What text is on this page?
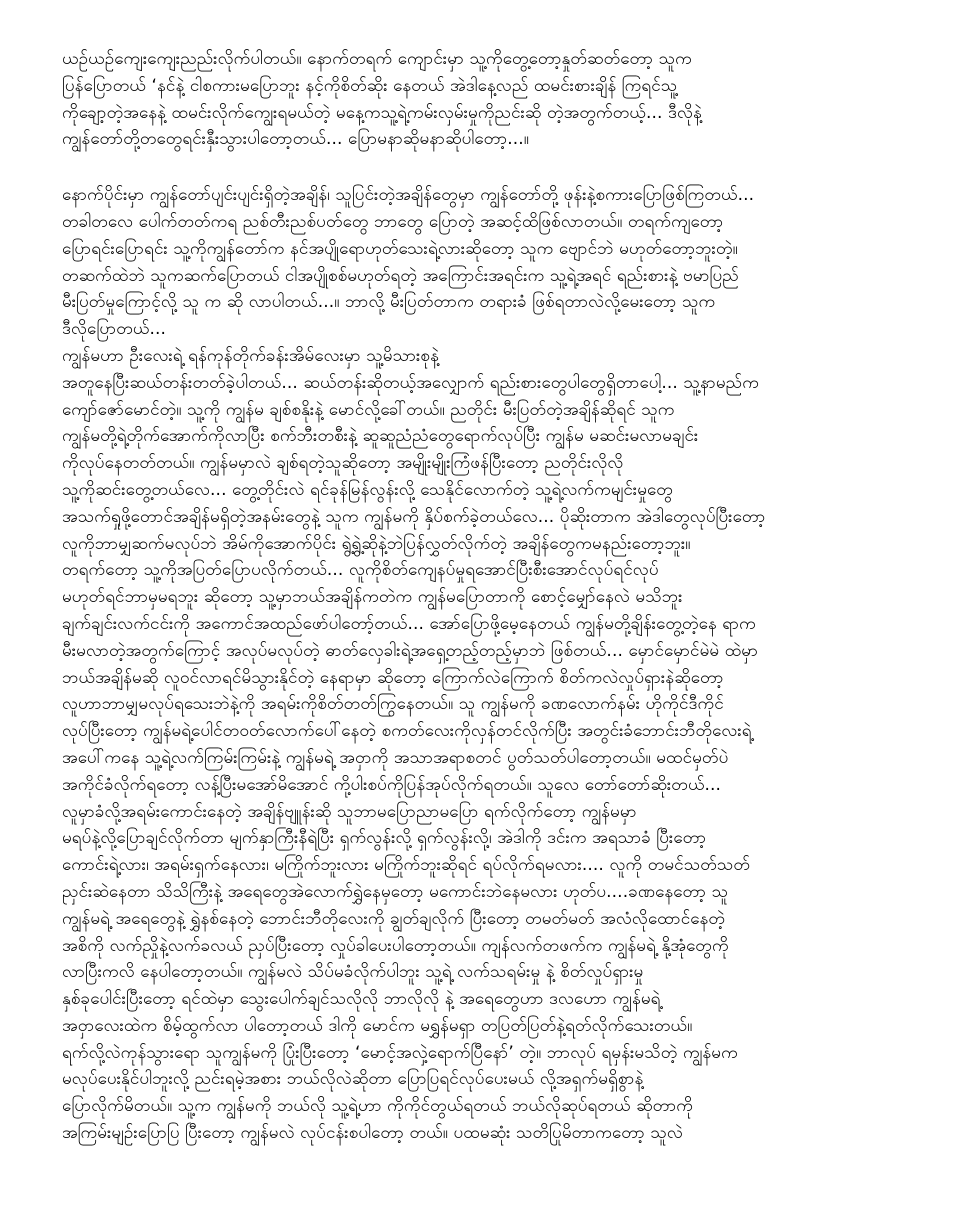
ယဉ်ယဉ်ကျေးကျေးညည်းလိုက်ပါတယ်။ နောက်တရက် ကျောင်းမှာ သူ့ကိုတွေ့တော့နှုတ်ဆတ်တော့ သူက
ပြန်ပြောတယ် ‘နင်နဲ့ ငါစကားမပြောဘူး နင့်ကိုစိတ်ဆိုး နေတယ် အဲဒါနေ့လည် ထမင်းစားချိန် ကြရင်သူ့
ကိုချော့တဲ့အနေနဲ့ ထမင်းလိုက်ကျွေးရမယ်တဲ့ မနေ့ကသူ့ရဲ့ကမ်းလှမ်းမှုကိုညင်းဆို တဲ့အတွက်တယ့်... ဒီလိုနဲ့
ကျွန်တော်တို့တတွေရင်းနှီးသွားပါတော့တယ်... ပြောမနာဆိုမနာဆိုပါတော့...။
နောက်ပိုင်းမှာ ကျွန်တော်ပျင်းပျင်းရှိတဲ့အချိန်၊ သူပြင်းတဲ့အချိန်တွေမှာ ကျွန်တော်တို့ ဖုန်းနဲ့စကားပြောဖြစ်ကြတယ်...
တခါတလေ ပေါက်တတ်ကရ ညစ်တီးညစ်ပတ်တွေ ဘာတွေ ပြောတဲ့ အဆင့်ထိဖြစ်လာတယ်။ တရက်ကျတော့
ပြောရင်းပြောရင်း သူ့ကိုကျွန်တော်က နင်အပျိုရောဟုတ်သေးရဲ့လားဆိုတော့ သူက ဗျောင်ဘဲ မဟုတ်တော့ဘူးတဲ့။
တဆက်ထဲဘဲ သူကဆက်ပြောတယ် ငါအပျိုစစ်မဟုတ်ရတဲ့ အကြောင်းအရင်းက သူ့ရဲ့အရင် ရည်းစားနဲ့ ဗမာပြည်
မီးပြတ်မှုကြောင့်လို့ သူ က ဆို လာပါတယ်...။ ဘာလို့ မီးပြတ်တာက တရားခံ ဖြစ်ရတာလဲလို့မေးတော့ သူက
ဒီလိုပြောတယ်...
ကျွန်မဟာ ဦးလေးရဲ့ ရန်ကုန်တိုက်ခန်းအိမ်လေးမှာ သူ့မိသားစုနဲ့
အတူနေပြီးဆယ်တန်းတတ်ခဲ့ပါတယ်... ဆယ်တန်းဆိုတယ့်အလျှောက် ရည်းစားတွေပါတွေရှိတာပေါ့... သူ့နာမည်က
ကျော်ဇော်မောင်တဲ့။ သူ့ကို ကျွန်မ ချစ်စနိုးနဲ့ မောင်လို့ခေါ်တယ်။ ညတိုင်း မီးပြတ်တဲ့အချိန်ဆိုရင် သူက
ကျွန်မတို့ရဲ့တိုက်အောက်ကိုလာပြီး စက်ဘီးတစီးနဲ့ ဆူဆူညံညံတွေရောက်လုပ်ပြီး ကျွန်မ မဆင်းမလာမချင်း
ကိုလုပ်နေတတ်တယ်။ ကျွန်မမှာလဲ ချစ်ရတဲ့သူဆိုတော့ အမျိုးမျိုးကြံဖန်ပြီးတော့ ညတိုင်းလိုလို
သူ့ကိုဆင်းတွေ့တယ်လေ... တွေ့တိုင်းလဲ ရင်ခုန်မြန်လွန်းလို့ သေနိုင်လောက်တဲ့ သူ့ရဲ့လက်ကမျင်းမှုတွေ
အသက်ရှုဖို့တောင်အချိန်မရှိတဲ့အနမ်းတွေနဲ့ သူက ကျွန်မကို နှိပ်စက်ခဲ့တယ်လေ... ပိုဆိုးတာက အဲဒါတွေလုပ်ပြီးတော့
လူကိုဘာမျှဆက်မလုပ်ဘဲ အိမ်ကိုအောက်ပိုင်း ရွဲ့ရွဲ့ဆိုနဲ့ဘဲပြန်လွှတ်လိုက်တဲ့ အချိန်တွေကမနည်းတော့ဘူး။
တရက်တော့ သူ့ကိုအပြတ်ပြောပလိုက်တယ်... လူကိုစိတ်ကျေနပ်မှုရအောင်ပြီးစီးအောင်လုပ်ရင်လုပ်
မဟုတ်ရင်ဘာမှမရဘူး ဆိုတော့ သူ့မှာဘယ်အချိန်ကတဲက ကျွန်မပြောတာကို စောင့်မျှော်နေလဲ မသိဘူး
ချက်ချင်းလက်ငင်းကို အကောင်အထည်ဖော်ပါတော့်တယ်... အော်ပြောဖို့မေ့နေတယ် ကျွန်မတို့ချိန်းတွေ့တဲ့နေ ရာက
မီးမလာတဲ့အတွက်ကြောင့် အလုပ်မလုပ်တဲ့ ဓာတ်လှေခါးရဲ့အရှေ့တည့်တည့်မှာဘဲ ဖြစ်တယ်... မှောင်မှောင်မဲမဲ ထဲမှာ
ဘယ်အချိန်မဆို လူဝင်လာရင်မိသွားနိုင်တဲ့ နေရာမှာ ဆိုတော့ ကြောက်လဲကြောက် စိတ်ကလဲလှုပ်ရှားနဲဆိုတော့
လူဟာဘာမျှမလုပ်ရသေးဘဲနဲ့ကို အရမ်းကိုစိတ်တတ်ကြွနေတယ်။ သူ ကျွန်မကို ခဏလောက်နမ်း ဟိုကိုင်ဒီကိုင်
လုပ်ပြီးတော့ ကျွန်မရဲ့ပေါင်တဝတ်လောက်ပေါ်နေတဲ့ စကတ်လေးကိုလှန်တင်လိုက်ပြီး အတွင်းခံဘောင်းဘီတိုလေးရဲ့
အပေါ်ကနေ သူ့ရဲ့လက်ကြမ်းကြမ်းနဲ့ ကျွန်မရဲ့ အဝှာကို အသာအရာစတင် ပွတ်သတ်ပါတော့တယ်။ မထင်မှတ်ပဲ
အကိုင်ခံလိုက်ရတော့ လန့်ပြီးမအော်မိအောင် ကို့ပါးစပ်ကိုပြန်အုပ်လိုက်ရတယ်။ သူလေ တော်တော်ဆိုးတယ်...
လူမှာခံလို့အရမ်းကောင်းနေတဲ့ အချိန်ဗျူန်းဆို သူဘာမပြောညာမပြော ရက်လိုက်တော့ ကျွန်မမှာ
မရပ်နဲ့လို့ပြောချင်လိုက်တာ မျက်နှာကြီးနီရဲပြီး ရှက်လွန်းလို့ ရှက်လွန်းလို့၊ အဲဒါကို ဒင်းက အရသာခံ ပြီးတော့
ကောင်းရဲ့လား၊ အရမ်းရှက်နေလား၊ မကြိုက်ဘူးလား မကြိုက်ဘူးဆိုရင် ရပ်လိုက်ရမလား.... လူကို တမင်သတ်သတ်
ညှင်းဆဲနေတာ သိသိကြီးနဲ့ အရေတွေအဲလောက်ရွှဲနေမှတော့ မကောင်းဘဲနေမလား ဟုတ်ပ....ခဏနေတော့ သူ
ကျွန်မရဲ့ အရေတွေနဲ့ ရွှဲနစ်နေတဲ့ ဘောင်းဘီတိုလေးကို ချွတ်ချလိုက် ပြီးတော့ တမတ်မတ် အလံလိုထောင်နေတဲ့
အစိကို လက်ညှိုနဲ့လက်ခလယ် ညှပ်ပြီးတော့ လှုပ်ခါပေးပါတော့တယ်။ ကျန်လက်တဖက်က ကျွန်မရဲ့ နို့အုံတွေကို
လာပြီးကလိ နေပါတော့တယ်။ ကျွန်မလဲ သိပ်မခံလိုက်ပါဘူး သူ့ရဲ့ လက်သရမ်းမှု နဲ့ စိတ်လှုပ်ရှားမှု
နှစ်ခုပေါင်းပြီးတော့ ရင်ထဲမှာ သွေးပေါက်ချင်သလိုလို ဘာလိုလို နဲ့ အရေတွေဟာ ဒလဟော ကျွန်မရဲ့
အဝှာလေးထဲက စိမ့်ထွက်လာ ပါတော့တယ် ဒါကို မောင်က မရွှန်မရှာ တပြတ်ပြတ်နဲ့ရတ်လိုက်သေးတယ်။
ရက်လို့လဲကုန်သွားရော သူကျွန်မကို ပြုံးပြီးတော့ ‘မောင့်အလှဲ့ရောက်ပြီနော်’ တဲ့။ ဘာလုပ် ရမှန်းမသိတဲ့ ကျွန်မက
မလုပ်ပေးနိုင်ပါဘူးလို့ ညင်းရမဲ့အစား ဘယ်လိုလဲဆိုတာ ပြောပြရင်လုပ်ပေးမယ် လို့အရှက်မရှိစွာနဲ့
ပြောလိုက်မိတယ်။ သူ့က ကျွန်မကို ဘယ်လို သူ့ရဲ့ဟာ ကိုကိုင်တွယ်ရတယ် ဘယ်လိုဆုပ်ရတယ် ဆိုတာကို
အကြမ်းမျဉ်းပြောပြ ပြီးတော့ ကျွန်မလဲ လုပ်ငန်းစပါတော့ တယ်။ ပထမဆုံး သတိပြုမိတာကတော့ သူလဲ
